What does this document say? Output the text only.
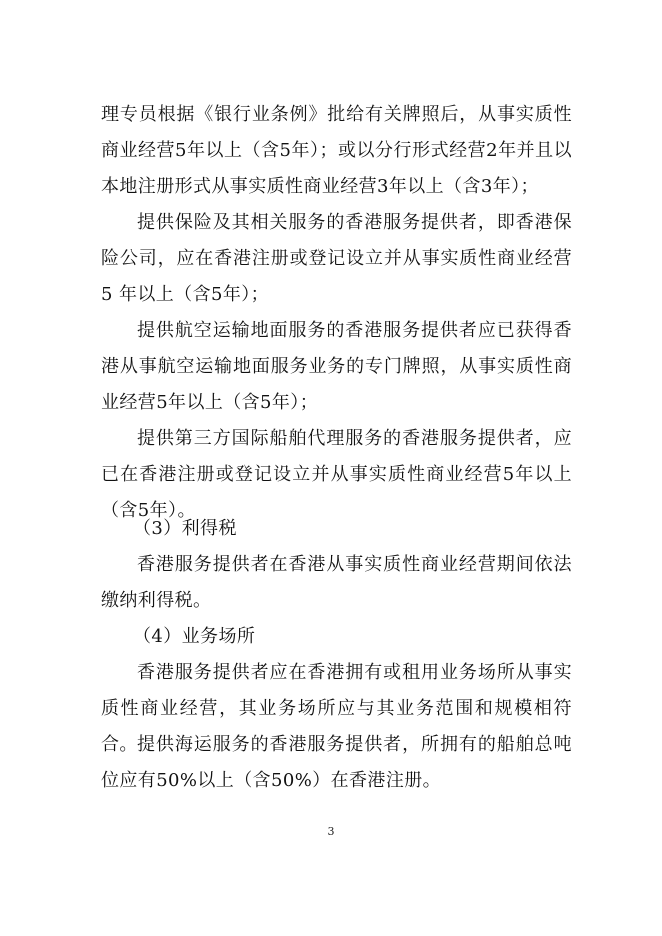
理专员根据《银行业条例》批给有关牌照后，从事实质性商业经营5年以上（含5年）；或以分行形式经营2年并且以本地注册形式从事实质性商业经营3年以上（含3年）；

提供保险及其相关服务的香港服务提供者，即香港保险公司，应在香港注册或登记设立并从事实质性商业经营 5 年以上（含5年）；

提供航空运输地面服务的香港服务提供者应已获得香港从事航空运输地面服务业务的专门牌照，从事实质性商业经营5年以上（含5年）；

提供第三方国际船舶代理服务的香港服务提供者，应已在香港注册或登记设立并从事实质性商业经营5年以上（含5年）。

（3）利得税

香港服务提供者在香港从事实质性商业经营期间依法缴纳利得税。

（4）业务场所

香港服务提供者应在香港拥有或租用业务场所从事实质性商业经营，其业务场所应与其业务范围和规模相符合。 提供海运服务的香港服务提供者，所拥有的船舶总吨位应有50%以上（含50%）在香港注册。

3
